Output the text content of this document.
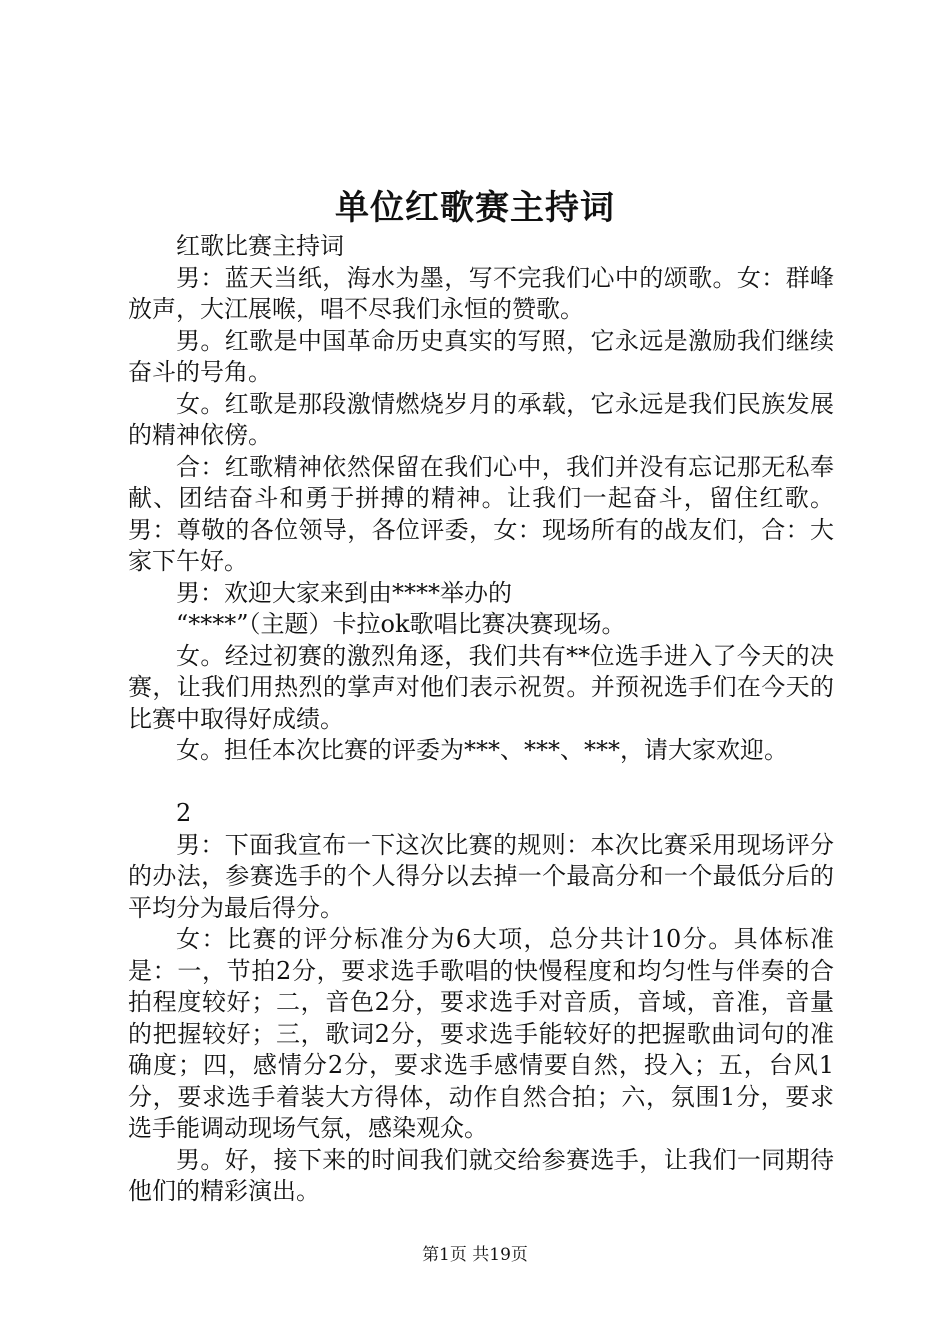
单位红歌赛主持词

红歌比赛主持词

男：蓝天当纸，海水为墨，写不完我们心中的颂歌。女：群峰放声，大江展喉，唱不尽我们永恒的赞歌。

男。红歌是中国革命历史真实的写照，它永远是激励我们继续奋斗的号角。

女。红歌是那段激情燃烧岁月的承载，它永远是我们民族发展的精神依傍。

合：红歌精神依然保留在我们心中，我们并没有忘记那无私奉献、团结奋斗和勇于拼搏的精神。让我们一起奋斗，留住红歌。男：尊敬的各位领导，各位评委，女：现场所有的战友们，合：大家下午好。

男：欢迎大家来到由****举办的

“****”（主题）卡拉ok歌唱比赛决赛现场。

女。经过初赛的激烈角逐，我们共有**位选手进入了今天的决赛，让我们用热烈的掌声对他们表示祝贺。并预祝选手们在今天的比赛中取得好成绩。

女。担任本次比赛的评委为***、***、***，请大家欢迎。

2

男：下面我宣布一下这次比赛的规则：本次比赛采用现场评分的办法，参赛选手的个人得分以去掉一个最高分和一个最低分后的平均分为最后得分。

女：比赛的评分标准分为6大项，总分共计10分。具体标准是：一，节拍2分，要求选手歌唱的快慢程度和均匀性与伴奏的合拍程度较好；二，音色2分，要求选手对音质，音域，音准，音量的把握较好；三，歌词2分，要求选手能较好的把握歌曲词句的准确度；四，感情分2分，要求选手感情要自然，投入；五，台风1分，要求选手着装大方得体，动作自然合拍；六，氛围1分，要求选手能调动现场气氛，感染观众。

男。好，接下来的时间我们就交给参赛选手，让我们一同期待他们的精彩演出。

第1页 共19页
